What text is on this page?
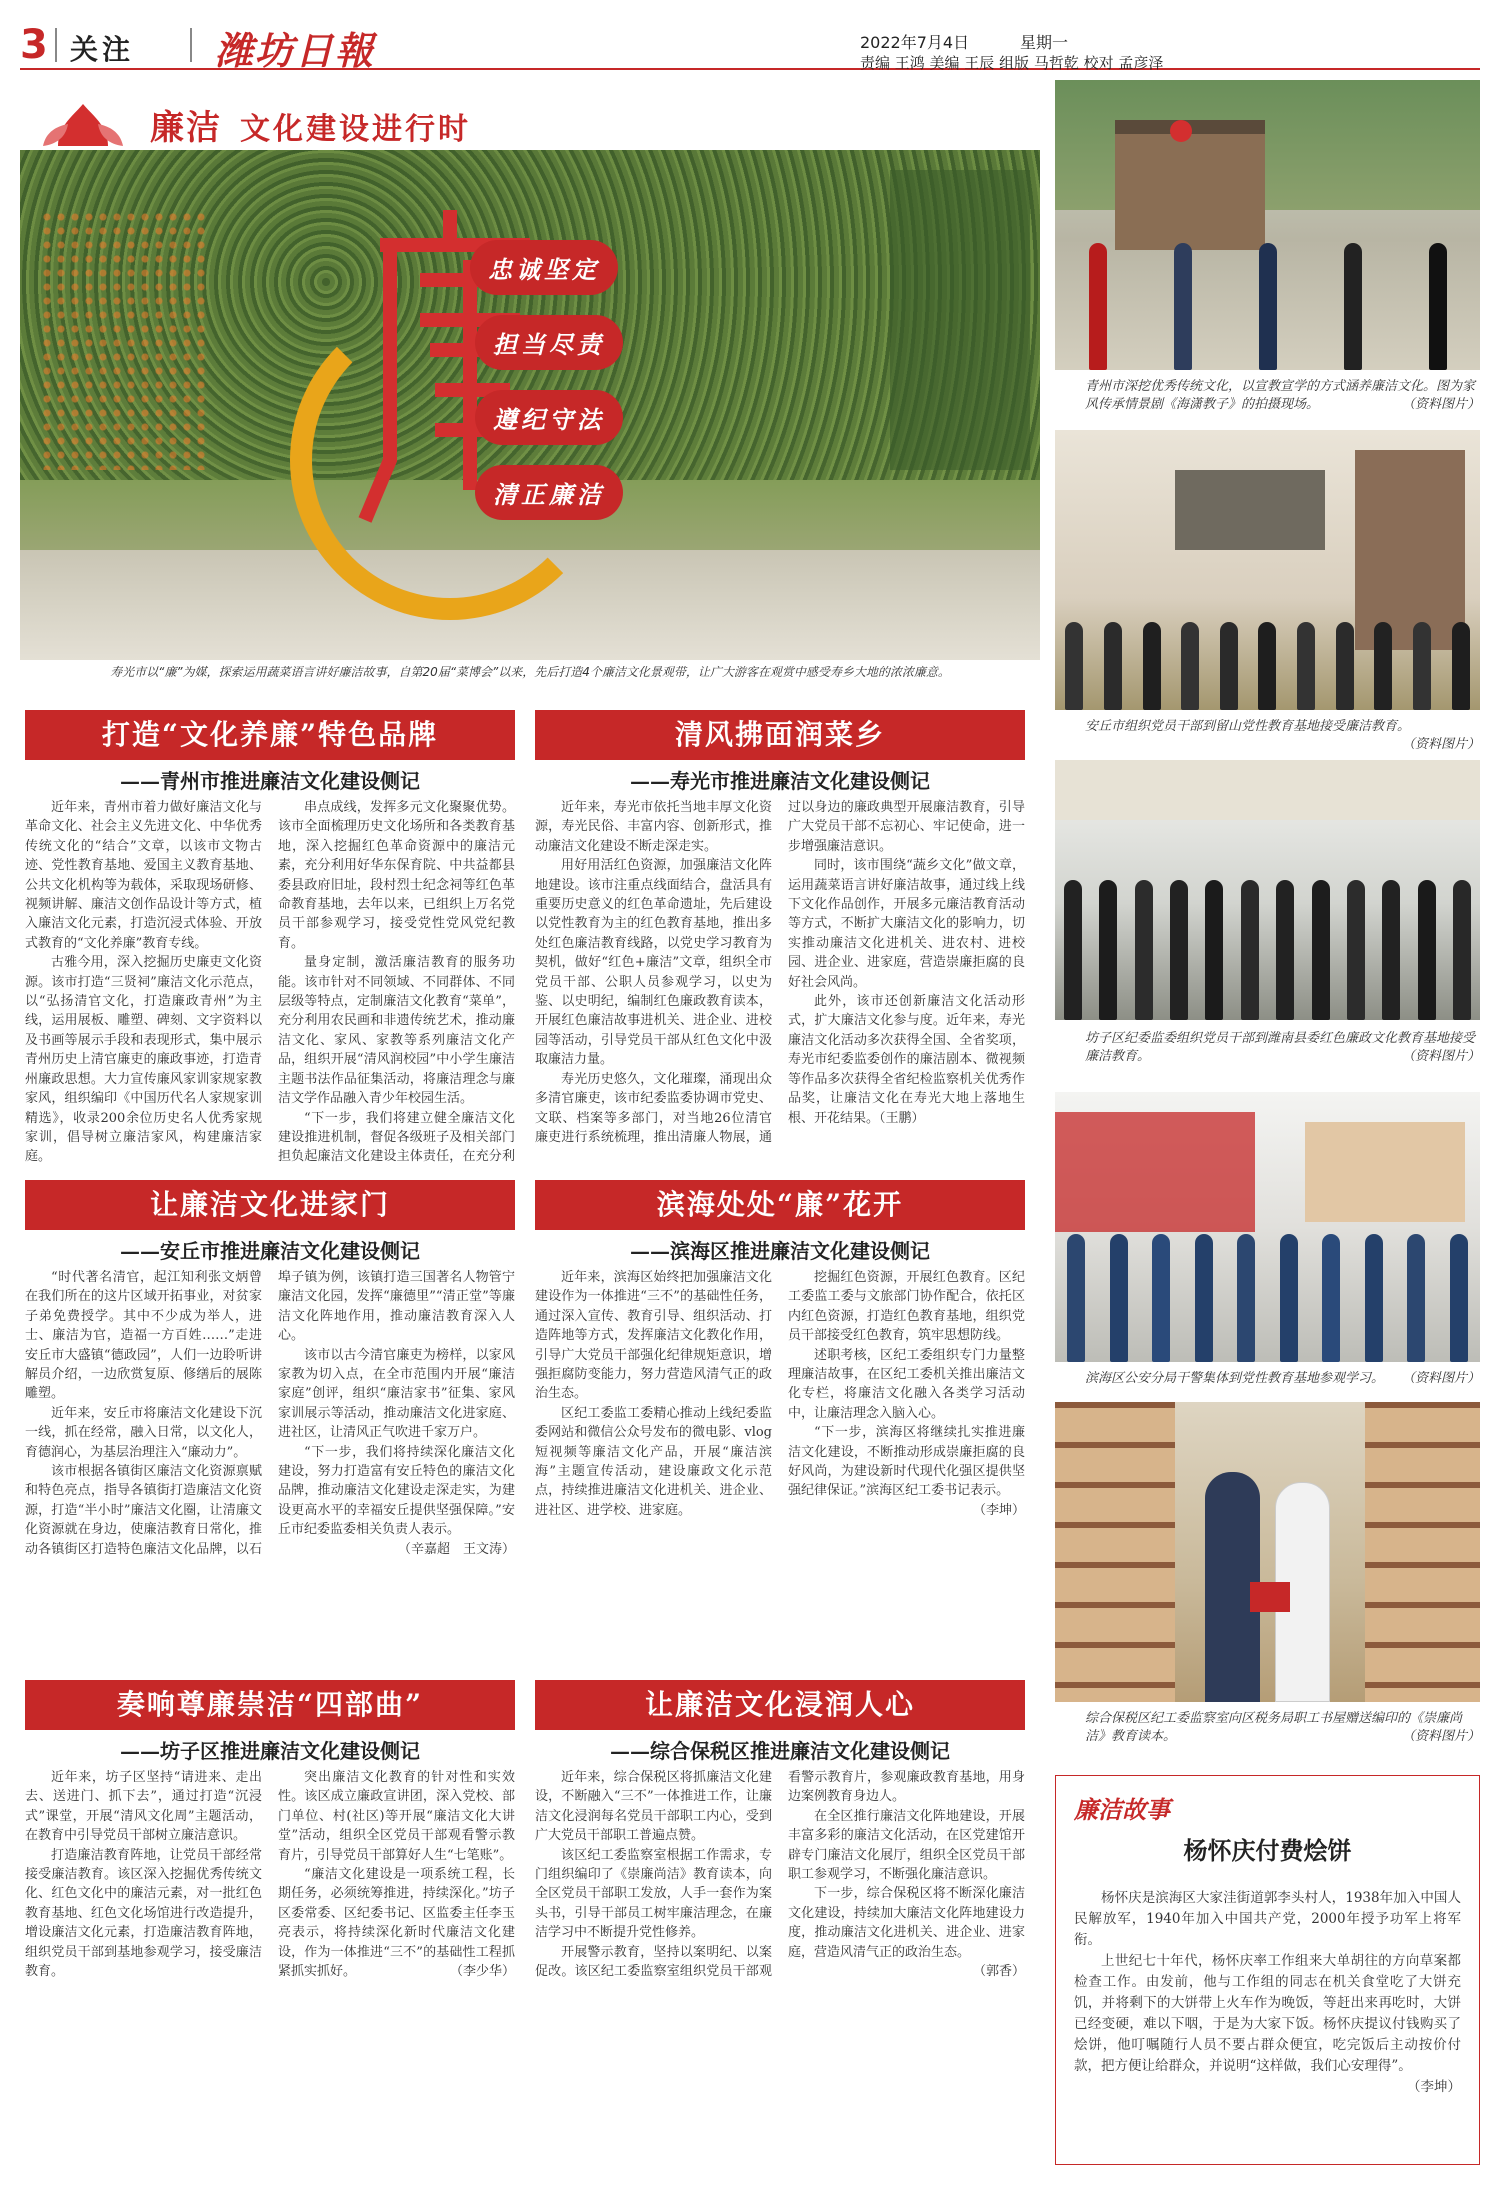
3 关注 潍坊日報	2022年7月4日	星期一
责编 王鸿 美编 王辰 组版 马哲乾 校对 孟彦泽
廉洁 文化建设进行时
忠诚坚定
担当尽责
遵纪守法
清正廉洁
寿光市以“廉”为媒，探索运用蔬菜语言讲好廉洁故事，自第20届“菜博会”以来，先后打造4个廉洁文化景观带，让广大游客在观赏中感受寿乡大地的浓浓廉意。
青州市深挖优秀传统文化，以宣教宣学的方式涵养廉洁文化。图为家风传承情景剧《海潇教子》的拍摄现场。	（资料图片）
安丘市组织党员干部到留山党性教育基地接受廉洁教育。
（资料图片）
坊子区纪委监委组织党员干部到潍南县委红色廉政文化教育基地接受廉洁教育。	（资料图片）
滨海区公安分局干警集体到党性教育基地参观学习。 （资料图片）
综合保税区纪工委监察室向区税务局职工书屋赠送编印的《崇廉尚洁》教育读本。	（资料图片）
打造“文化养廉”特色品牌
——青州市推进廉洁文化建设侧记

近年来，青州市着力做好廉洁文化与革命文化、社会主义先进文化、中华优秀传统文化的“结合”文章，以该市文物古迹、党性教育基地、爱国主义教育基地、公共文化机构等为载体，采取现场研修、视频讲解、廉洁文创作品设计等方式，植入廉洁文化元素，打造沉浸式体验、开放式教育的“文化养廉”教育专线。

古雅今用，深入挖掘历史廉吏文化资源。该市打造“三贤祠”廉洁文化示范点，以“弘扬清官文化，打造廉政青州”为主线，运用展板、雕塑、碑刻、文字资料以及书画等展示手段和表现形式，集中展示青州历史上清官廉吏的廉政事迹，打造青州廉政思想。大力宣传廉风家训家规家教家风，组织编印《中国历代名人家规家训精选》，收录200余位历史名人优秀家规家训，倡导树立廉洁家风，构建廉洁家庭。

串点成线，发挥多元文化聚聚优势。该市全面梳理历史文化场所和各类教育基地，深入挖掘红色革命资源中的廉洁元素，充分利用好华东保育院、中共益都县委县政府旧址，段村烈士纪念祠等红色革命教育基地，去年以来，已组织上万名党员干部参观学习，接受党性党风党纪教育。

量身定制，激活廉洁教育的服务功能。该市针对不同领域、不同群体、不同层级等特点，定制廉洁文化教育“菜单”，充分利用农民画和非遗传统艺术，推动廉洁文化、家风、家教等系列廉洁文化产品，组织开展“清风润校园”中小学生廉洁主题书法作品征集活动，将廉洁理念与廉洁文学作品融入青少年校园生活。

“下一步，我们将建立健全廉洁文化建设推进机制，督促各级班子及相关部门担负起廉洁文化建设主体责任，在充分利

清风拂面润菜乡
——寿光市推进廉洁文化建设侧记

近年来，寿光市依托当地丰厚文化资源，寿光民俗、丰富内容、创新形式，推动廉洁文化建设不断走深走实。

用好用活红色资源，加强廉洁文化阵地建设。该市注重点线面结合，盘活具有重要历史意义的红色革命遗址，先后建设以党性教育为主的红色教育基地，推出多处红色廉洁教育线路，以党史学习教育为契机，做好“红色+廉洁”文章，组织全市党员干部、公职人员参观学习，以史为鉴、以史明纪，编制红色廉政教育读本，开展红色廉洁故事进机关、进企业、进校园等活动，引导党员干部从红色文化中汲取廉洁力量。

寿光历史悠久，文化璀璨，涌现出众多清官廉吏，该市纪委监委协调市党史、文联、档案等多部门，对当地26位清官廉吏进行系统梳理，推出清廉人物展，通过以身边的廉政典型开展廉洁教育，引导广大党员干部不忘初心、牢记使命，进一步增强廉洁意识。

同时，该市围绕“蔬乡文化”做文章，运用蔬菜语言讲好廉洁故事，通过线上线下文化作品创作，开展多元廉洁教育活动等方式，不断扩大廉洁文化的影响力，切实推动廉洁文化进机关、进农村、进校园、进企业、进家庭，营造崇廉拒腐的良好社会风尚。

此外，该市还创新廉洁文化活动形式，扩大廉洁文化参与度。近年来，寿光廉洁文化活动多次获得全国、全省奖项，寿光市纪委监委创作的廉洁剧本、微视频等作品多次获得全省纪检监察机关优秀作品奖，让廉洁文化在寿光大地上落地生根、开花结果。（王鹏）

让廉洁文化进家门
——安丘市推进廉洁文化建设侧记

“时代著名清官，起江知利张文炳曾在我们所在的这片区域开拓事业，对贫家子弟免费授学。其中不少成为举人，进士、廉洁为官，造福一方百姓……”走进安丘市大盛镇“德政园”，人们一边聆听讲解员介绍，一边欣赏复原、修缮后的展陈雕塑。

近年来，安丘市将廉洁文化建设下沉一线，抓在经常，融入日常，以文化人，育德润心，为基层治理注入“廉动力”。

该市根据各镇街区廉洁文化资源禀赋和特色亮点，指导各镇街打造廉洁文化资源，打造“半小时”廉洁文化圈，让清廉文化资源就在身边，使廉洁教育日常化，推动各镇街区打造特色廉洁文化品牌，以石埠子镇为例，该镇打造三国著名人物管宁廉洁文化园，发挥“廉德里”“清正堂”等廉洁文化阵地作用，推动廉洁教育深入人心。

该市以古今清官廉吏为榜样，以家风家教为切入点，在全市范围内开展“廉洁家庭”创评，组织“廉洁家书”征集、家风家训展示等活动，推动廉洁文化进家庭、进社区，让清风正气吹进千家万户。

“下一步，我们将持续深化廉洁文化建设，努力打造富有安丘特色的廉洁文化品牌，推动廉洁文化建设走深走实，为建设更高水平的幸福安丘提供坚强保障。”安丘市纪委监委相关负责人表示。
（辛嘉超　王文涛）

滨海处处“廉”花开
——滨海区推进廉洁文化建设侧记

近年来，滨海区始终把加强廉洁文化建设作为一体推进“三不”的基础性任务，通过深入宣传、教育引导、组织活动、打造阵地等方式，发挥廉洁文化教化作用，引导广大党员干部强化纪律规矩意识，增强拒腐防变能力，努力营造风清气正的政治生态。

区纪工委监工委精心推动上线纪委监委网站和微信公众号发布的微电影、vlog短视频等廉洁文化产品，开展“廉洁滨海”主题宣传活动，建设廉政文化示范点，持续推进廉洁文化进机关、进企业、进社区、进学校、进家庭。

挖掘红色资源，开展红色教育。区纪工委监工委与文旅部门协作配合，依托区内红色资源，打造红色教育基地，组织党员干部接受红色教育，筑牢思想防线。

述职考核，区纪工委组织专门力量整理廉洁故事，在区纪工委机关推出廉洁文化专栏，将廉洁文化融入各类学习活动中，让廉洁理念入脑入心。

“下一步，滨海区将继续扎实推进廉洁文化建设，不断推动形成崇廉拒腐的良好风尚，为建设新时代现代化强区提供坚强纪律保证。”滨海区纪工委书记表示。
（李坤）

奏响尊廉崇洁“四部曲”
——坊子区推进廉洁文化建设侧记

近年来，坊子区坚持“请进来、走出去、送进门、抓下去”，通过打造“沉浸式”课堂，开展“清风文化周”主题活动，在教育中引导党员干部树立廉洁意识。

打造廉洁教育阵地，让党员干部经常接受廉洁教育。该区深入挖掘优秀传统文化、红色文化中的廉洁元素，对一批红色教育基地、红色文化场馆进行改造提升，增设廉洁文化元素，打造廉洁教育阵地，组织党员干部到基地参观学习，接受廉洁教育。

突出廉洁文化教育的针对性和实效性。该区成立廉政宣讲团，深入党校、部门单位、村(社区)等开展“廉洁文化大讲堂”活动，组织全区党员干部观看警示教育片，引导党员干部算好人生“七笔账”。

“廉洁文化建设是一项系统工程，长期任务，必须统筹推进，持续深化。”坊子区委常委、区纪委书记、区监委主任李玉亮表示，将持续深化新时代廉洁文化建设，作为一体推进“三不”的基础性工程抓紧抓实抓好。	（李少华）

让廉洁文化浸润人心
——综合保税区推进廉洁文化建设侧记

近年来，综合保税区将抓廉洁文化建设，不断融入“三不”一体推进工作，让廉洁文化浸润每名党员干部职工内心，受到广大党员干部职工普遍点赞。

该区纪工委监察室根据工作需求，专门组织编印了《崇廉尚洁》教育读本，向全区党员干部职工发放，人手一套作为案头书，引导干部员工树牢廉洁理念，在廉洁学习中不断提升党性修养。

开展警示教育，坚持以案明纪、以案促改。该区纪工委监察室组织党员干部观看警示教育片，参观廉政教育基地，用身边案例教育身边人。

在全区推行廉洁文化阵地建设，开展丰富多彩的廉洁文化活动，在区党建馆开辟专门廉洁文化展厅，组织全区党员干部职工参观学习，不断强化廉洁意识。

下一步，综合保税区将不断深化廉洁文化建设，持续加大廉洁文化阵地建设力度，推动廉洁文化进机关、进企业、进家庭，营造风清气正的政治生态。
（郭香）

廉洁故事
杨怀庆付费烩饼

杨怀庆是滨海区大家洼街道郭李头村人，1938年加入中国人民解放军，1940年加入中国共产党，2000年授予功军上将军衔。

上世纪七十年代，杨怀庆率工作组来大单胡往的方向草案都检查工作。由发前，他与工作组的同志在机关食堂吃了大饼充饥，并将剩下的大饼带上火车作为晚饭，等赶出来再吃时，大饼已经变硬，难以下咽，于是为大家下饭。杨怀庆提议付钱购买了烩饼，他叮嘱随行人员不要占群众便宜，吃完饭后主动按价付款，把方便让给群众，并说明“这样做，我们心安理得”。
（李坤）
